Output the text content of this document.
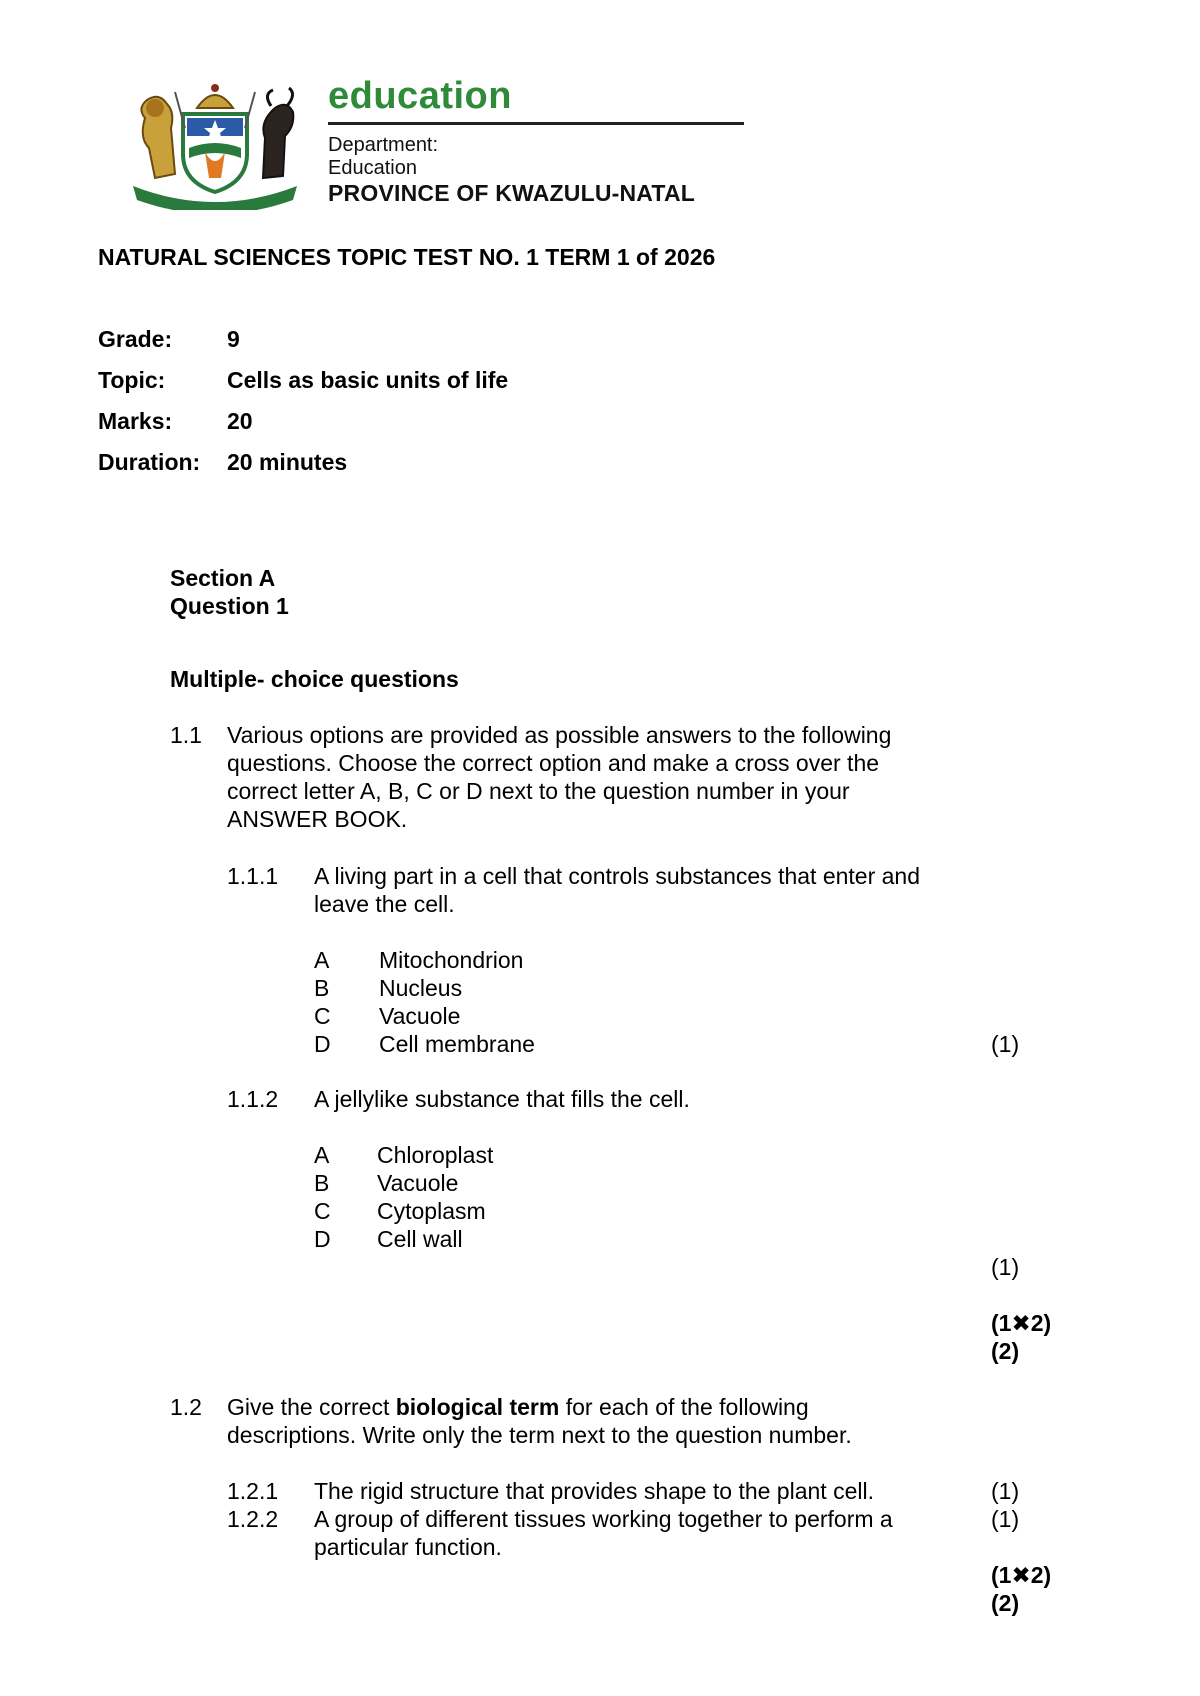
education
Department:
Education
PROVINCE OF KWAZULU-NATAL
NATURAL SCIENCES TOPIC TEST NO. 1 TERM 1 of 2026
Grade: 9
Topic:	Cells as basic units of life
Marks: 20
Duration: 20 minutes
Section A
Question 1
Multiple- choice questions
1.1 Various options are provided as possible answers to the following
questions. Choose the correct option and make a cross over the
correct letter A, B, C or D next to the question number in your
ANSWER BOOK.
1.1.1 A living part in a cell that controls substances that enter and
leave the cell.
A Mitochondrion
B Nucleus
C Vacuole
D Cell membrane	(1)
1.1.2 A jellylike substance that fills the cell.
A Chloroplast
B Vacuole
C Cytoplasm
D Cell wall
(1)
(1✖2)
(2)
1.2 Give the correct biological term for each of the following
descriptions. Write only the term next to the question number.
1.2.1 The rigid structure that provides shape to the plant cell.	(1)
1.2.2 A group of different tissues working together to perform a	(1)
particular function.
(1✖2)
(2)
